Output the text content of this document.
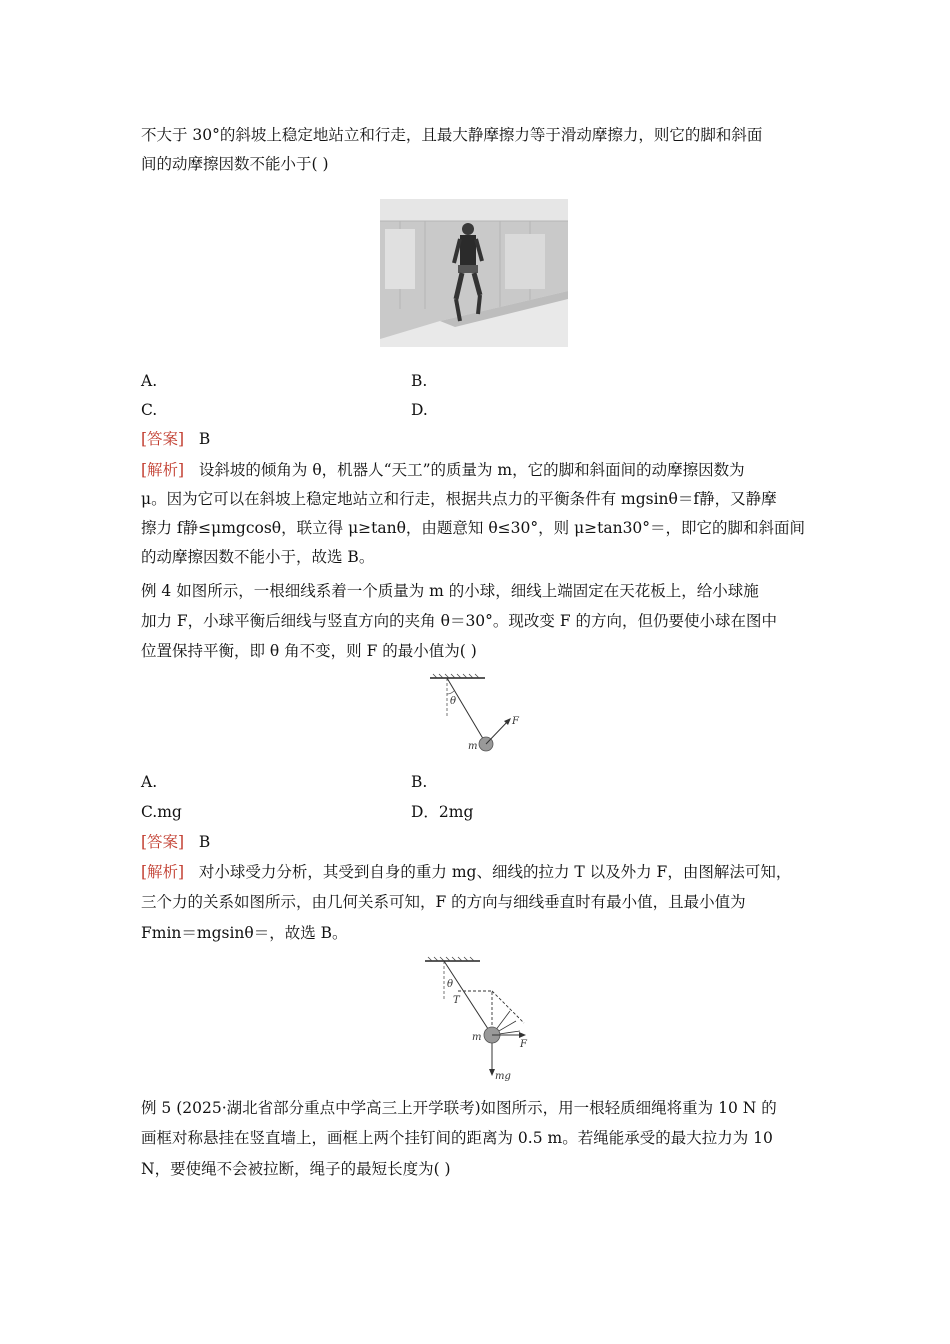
不大于 30°的斜坡上稳定地站立和行走，且最大静摩擦力等于滑动摩擦力，则它的脚和斜面
间的动摩擦因数不能小于( )
A.	B.
C.	D.
[答案] B
[解析] 设斜坡的倾角为 θ，机器人“天工”的质量为 m，它的脚和斜面间的动摩擦因数为
μ。因为它可以在斜坡上稳定地站立和行走，根据共点力的平衡条件有 mgsinθ＝f静，又静摩
擦力 f静≤μmgcosθ，联立得 μ≥tanθ，由题意知 θ≤30°，则 μ≥tan30°＝，即它的脚和斜面间
的动摩擦因数不能小于，故选 B。
例 4 如图所示，一根细线系着一个质量为 m 的小球，细线上端固定在天花板上，给小球施
加力 F，小球平衡后细线与竖直方向的夹角 θ＝30°。现改变 F 的方向，但仍要使小球在图中
位置保持平衡，即 θ 角不变，则 F 的最小值为( )
θ
F
m
A.	B.
C.mg	D．2mg
[答案] B
[解析] 对小球受力分析，其受到自身的重力 mg、细线的拉力 T 以及外力 F，由图解法可知，
三个力的关系如图所示，由几何关系可知，F 的方向与细线垂直时有最小值，且最小值为
Fmin＝mgsinθ＝，故选 B。
θ
T
F
m
mg
例 5 (2025·湖北省部分重点中学高三上开学联考)如图所示，用一根轻质细绳将重为 10 N 的
画框对称悬挂在竖直墙上，画框上两个挂钉间的距离为 0.5 m。若绳能承受的最大拉力为 10
N，要使绳不会被拉断，绳子的最短长度为( )
